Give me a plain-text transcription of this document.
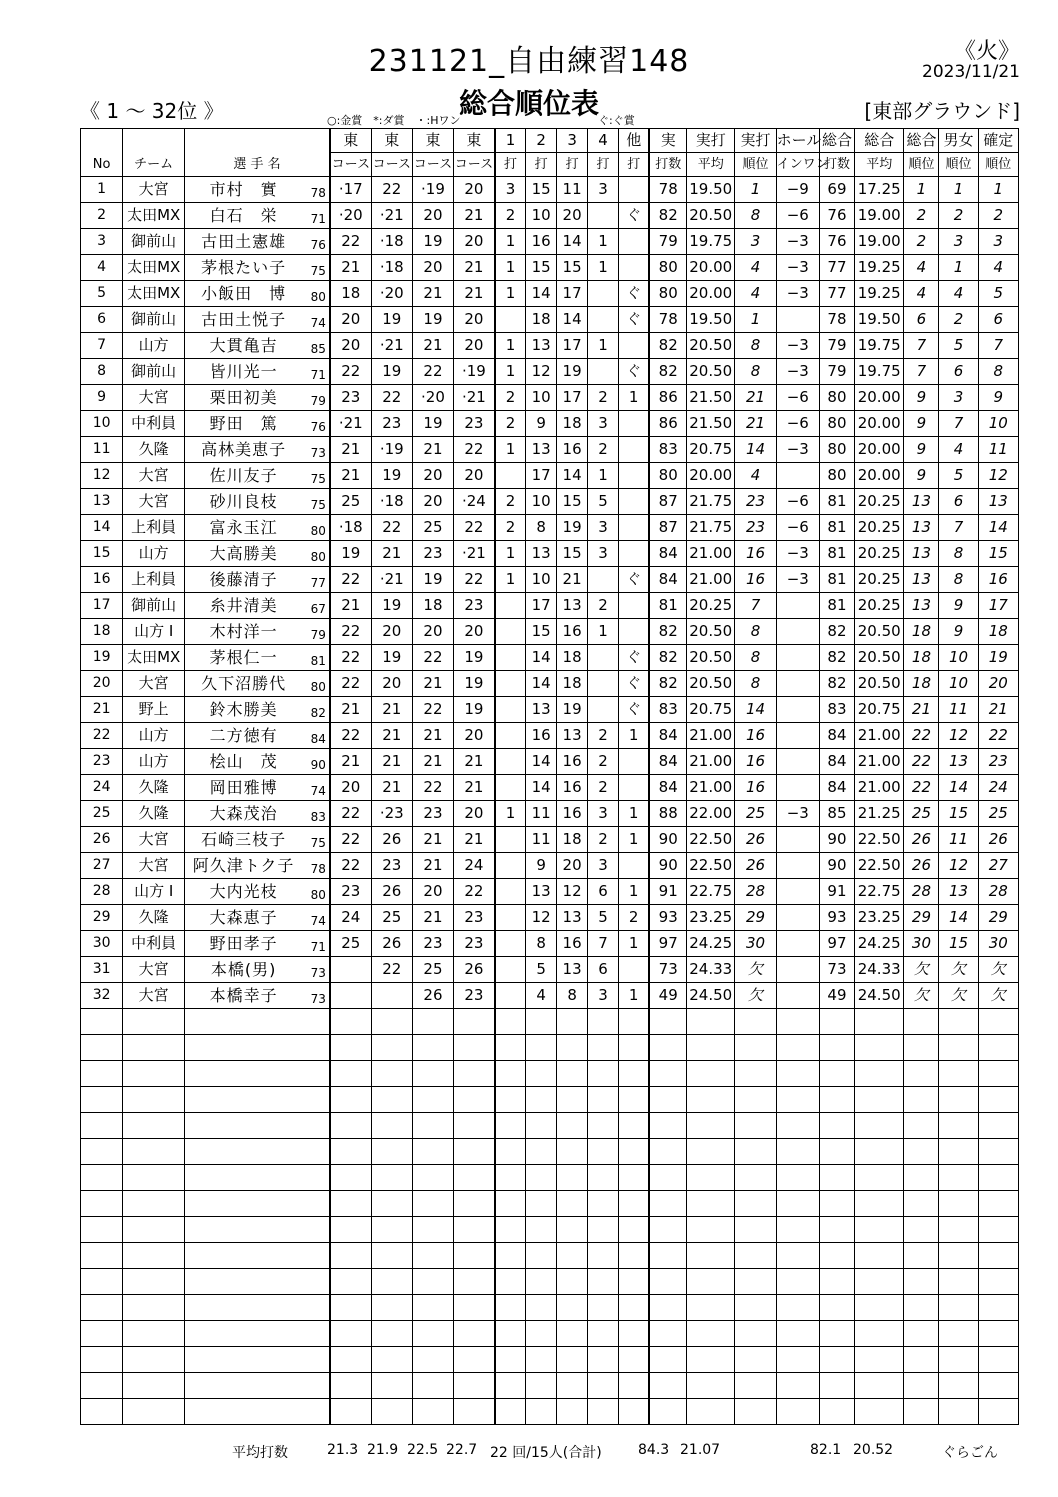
231121_自由練習148	《火》
2023/11/21
総合順位表
《 1 ～ 32位 》	[東部グラウンド]
○:金賞　*:ダ賞　・:Hワン	ぐ:ぐ賞
				東	東	東	東	1	2	3	4	他	実	実打	実打	ホール	総合	総合	総合	男女	確定
No	チーム	選 手 名		コース	コース	コース	コース	打	打	打	打	打	打数	平均	順位	インワン	打数	平均	順位	順位	順位
1	大宮	市村　實	78	·17	22	·19	20	3	15	11	3		78	19.50	1	−9	69	17.25	1	1	1
2	太田MX	白石　栄	71	·20	·21	20	21	2	10	20		ぐ	82	20.50	8	−6	76	19.00	2	2	2
3	御前山	古田土憲雄	76	22	·18	19	20	1	16	14	1		79	19.75	3	−3	76	19.00	2	3	3
4	太田MX	茅根たい子	75	21	·18	20	21	1	15	15	1		80	20.00	4	−3	77	19.25	4	1	4
5	太田MX	小飯田　博	80	18	·20	21	21	1	14	17		ぐ	80	20.00	4	−3	77	19.25	4	4	5
6	御前山	古田土悦子	74	20	19	19	20		18	14		ぐ	78	19.50	1		78	19.50	6	2	6
7	山方	大貫亀吉	85	20	·21	21	20	1	13	17	1		82	20.50	8	−3	79	19.75	7	5	7
8	御前山	皆川光一	71	22	19	22	·19	1	12	19		ぐ	82	20.50	8	−3	79	19.75	7	6	8
9	大宮	栗田初美	79	23	22	·20	·21	2	10	17	2	1	86	21.50	21	−6	80	20.00	9	3	9
10	中利員	野田　篤	76	·21	23	19	23	2	9	18	3		86	21.50	21	−6	80	20.00	9	7	10
11	久隆	高林美恵子	73	21	·19	21	22	1	13	16	2		83	20.75	14	−3	80	20.00	9	4	11
12	大宮	佐川友子	75	21	19	20	20		17	14	1		80	20.00	4		80	20.00	9	5	12
13	大宮	砂川良枝	75	25	·18	20	·24	2	10	15	5		87	21.75	23	−6	81	20.25	13	6	13
14	上利員	富永玉江	80	·18	22	25	22	2	8	19	3		87	21.75	23	−6	81	20.25	13	7	14
15	山方	大高勝美	80	19	21	23	·21	1	13	15	3		84	21.00	16	−3	81	20.25	13	8	15
16	上利員	後藤清子	77	22	·21	19	22	1	10	21		ぐ	84	21.00	16	−3	81	20.25	13	8	16
17	御前山	糸井清美	67	21	19	18	23		17	13	2		81	20.25	7		81	20.25	13	9	17
18	山方 I	木村洋一	79	22	20	20	20		15	16	1		82	20.50	8		82	20.50	18	9	18
19	太田MX	茅根仁一	81	22	19	22	19		14	18		ぐ	82	20.50	8		82	20.50	18	10	19
20	大宮	久下沼勝代	80	22	20	21	19		14	18		ぐ	82	20.50	8		82	20.50	18	10	20
21	野上	鈴木勝美	82	21	21	22	19		13	19		ぐ	83	20.75	14		83	20.75	21	11	21
22	山方	二方徳有	84	22	21	21	20		16	13	2	1	84	21.00	16		84	21.00	22	12	22
23	山方	桧山　茂	90	21	21	21	21		14	16	2		84	21.00	16		84	21.00	22	13	23
24	久隆	岡田雅博	74	20	21	22	21		14	16	2		84	21.00	16		84	21.00	22	14	24
25	久隆	大森茂治	83	22	·23	23	20	1	11	16	3	1	88	22.00	25	−3	85	21.25	25	15	25
26	大宮	石崎三枝子	75	22	26	21	21		11	18	2	1	90	22.50	26		90	22.50	26	11	26
27	大宮	阿久津トク子	78	22	23	21	24		9	20	3		90	22.50	26		90	22.50	26	12	27
28	山方 I	大内光枝	80	23	26	20	22		13	12	6	1	91	22.75	28		91	22.75	28	13	28
29	久隆	大森恵子	74	24	25	21	23		12	13	5	2	93	23.25	29		93	23.25	29	14	29
30	中利員	野田孝子	71	25	26	23	23		8	16	7	1	97	24.25	30		97	24.25	30	15	30
31	大宮	本橋(男)	73		22	25	26		5	13	6		73	24.33	欠		73	24.33	欠	欠	欠
32	大宮	本橋幸子	73			26	23		4	8	3	1	49	24.50	欠		49	24.50	欠	欠	欠

平均打数	21.3 21.9 22.5 22.7 22 回/15人(合計)	84.3 21.07	82.1 20.52	ぐらごん
